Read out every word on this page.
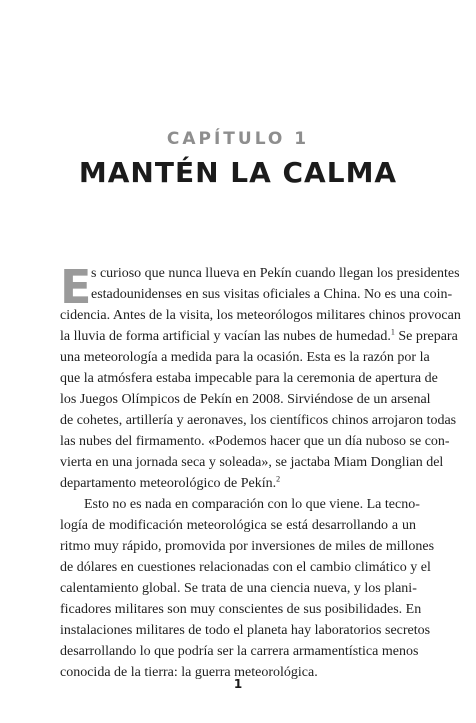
CAPÍTULO 1
MANTÉN LA CALMA
E s curioso que nunca llueva en Pekín cuando llegan los presidentes
estadounidenses en sus visitas oficiales a China. No es una coin-
cidencia. Antes de la visita, los meteorólogos militares chinos provocan
la lluvia de forma artificial y vacían las nubes de humedad.$^1$ Se prepara
una meteorología a medida para la ocasión. Esta es la razón por la
que la atmósfera estaba impecable para la ceremonia de apertura de
los Juegos Olímpicos de Pekín en 2008. Sirviéndose de un arsenal
de cohetes, artillería y aeronaves, los científicos chinos arrojaron todas
las nubes del firmamento. «Podemos hacer que un día nuboso se con-
vierta en una jornada seca y soleada», se jactaba Miam Donglian del
departamento meteorológico de Pekín.$^2$
Esto no es nada en comparación con lo que viene. La tecno-
logía de modificación meteorológica se está desarrollando a un
ritmo muy rápido, promovida por inversiones de miles de millones
de dólares en cuestiones relacionadas con el cambio climático y el
calentamiento global. Se trata de una ciencia nueva, y los plani-
ficadores militares son muy conscientes de sus posibilidades. En
instalaciones militares de todo el planeta hay laboratorios secretos
desarrollando lo que podría ser la carrera armamentística menos
conocida de la tierra: la guerra meteorológica.
1
